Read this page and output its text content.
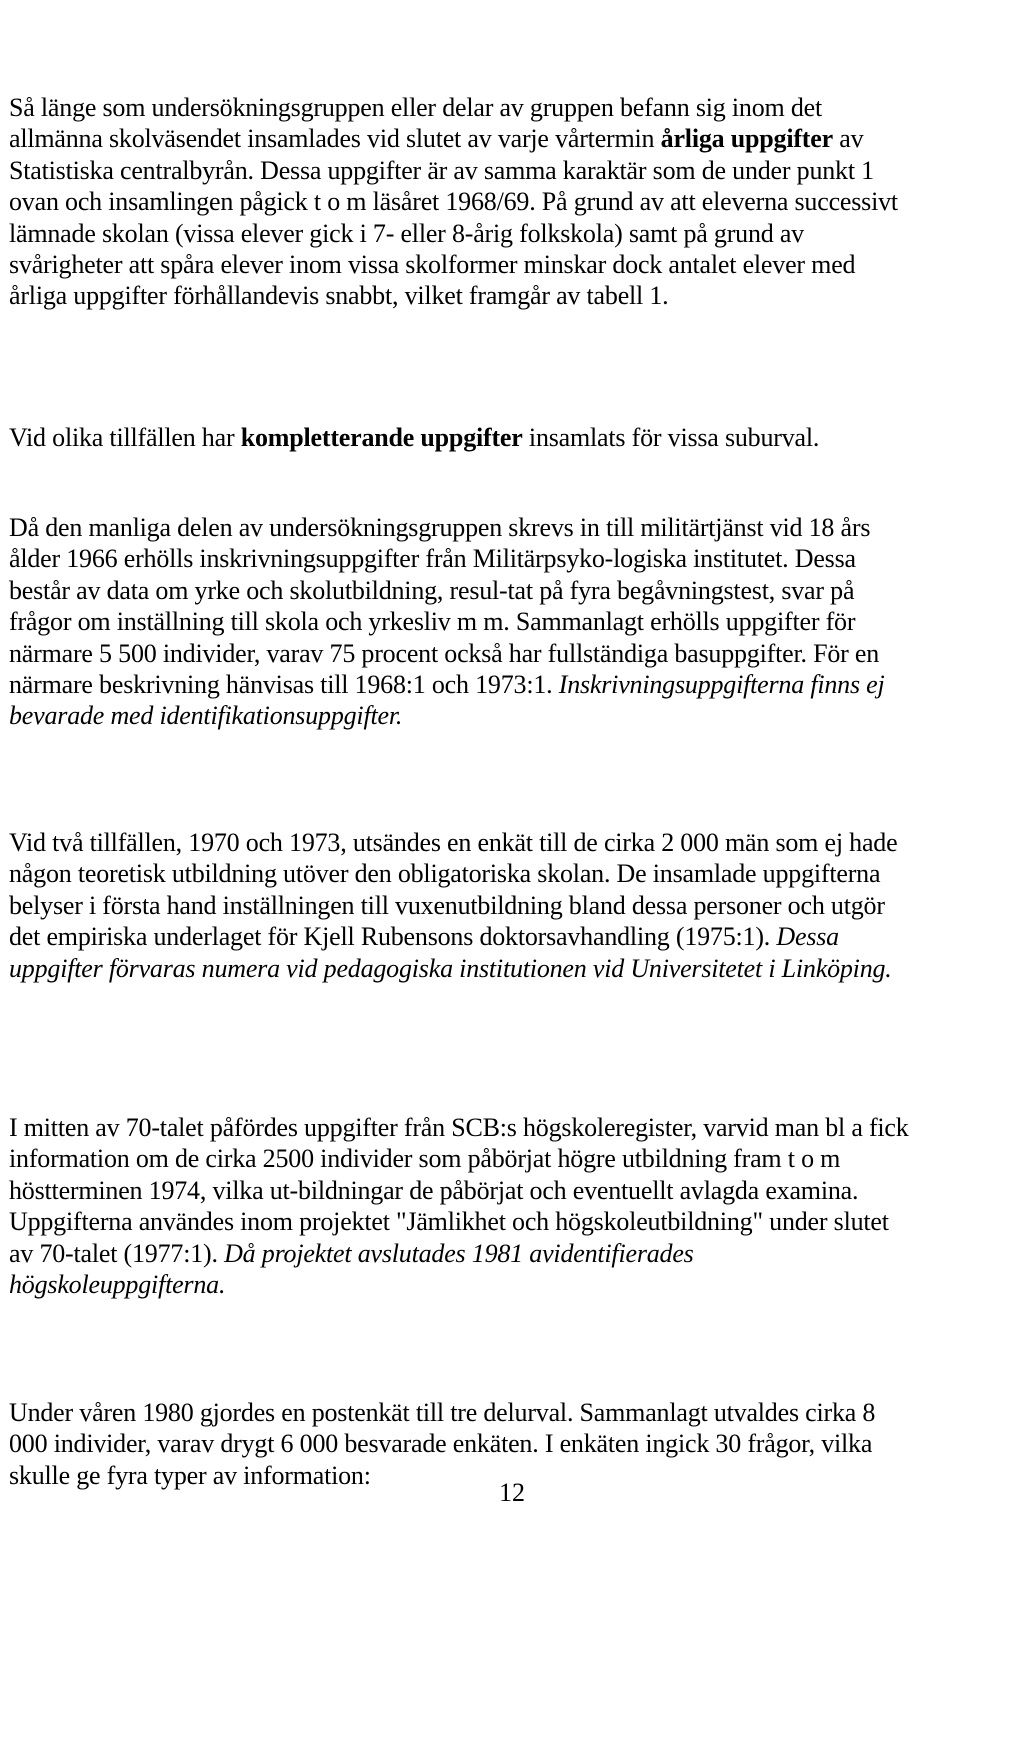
Så länge som undersökningsgruppen eller delar av gruppen befann sig inom det allmänna skolväsendet insamlades vid slutet av varje vårtermin årliga uppgifter av Statistiska centralbyrån. Dessa uppgifter är av samma karaktär som de under punkt 1 ovan och insamlingen pågick t o m läsåret 1968/69. På grund av att eleverna successivt lämnade skolan (vissa elever gick i 7- eller 8-årig folkskola) samt på grund av svårigheter att spåra elever inom vissa skolformer minskar dock antalet elever med årliga uppgifter förhållandevis snabbt, vilket framgår av tabell 1.

Vid olika tillfällen har kompletterande uppgifter insamlats för vissa suburval.

Då den manliga delen av undersökningsgruppen skrevs in till militärtjänst vid 18 års ålder 1966 erhölls inskrivningsuppgifter från Militärpsyko-logiska institutet. Dessa består av data om yrke och skolutbildning, resul-tat på fyra begåvningstest, svar på frågor om inställning till skola och yrkesliv m m. Sammanlagt erhölls uppgifter för närmare 5 500 individer, varav 75 procent också har fullständiga basuppgifter. För en närmare beskrivning hänvisas till 1968:1 och 1973:1. Inskrivningsuppgifterna finns ej bevarade med identifikationsuppgifter.

Vid två tillfällen, 1970 och 1973, utsändes en enkät till de cirka 2 000 män som ej hade någon teoretisk utbildning utöver den obligatoriska skolan. De insamlade uppgifterna belyser i första hand inställningen till vuxenutbildning bland dessa personer och utgör det empiriska underlaget för Kjell Rubensons doktorsavhandling (1975:1). Dessa uppgifter förvaras numera vid pedagogiska institutionen vid Universitetet i Linköping.

I mitten av 70-talet påfördes uppgifter från SCB:s högskoleregister, varvid man bl a fick information om de cirka 2500 individer som påbörjat högre utbildning fram t o m höstterminen 1974, vilka ut-bildningar de påbörjat och eventuellt avlagda examina. Uppgifterna användes inom projektet "Jämlikhet och högskoleutbildning" under slutet av 70-talet (1977:1). Då projektet avslutades 1981 avidentifierades högskoleuppgifterna.

Under våren 1980 gjordes en postenkät till tre delurval. Sammanlagt utvaldes cirka 8 000 individer, varav drygt 6 000 besvarade enkäten. I enkäten ingick 30 frågor, vilka skulle ge fyra typer av information:

12
